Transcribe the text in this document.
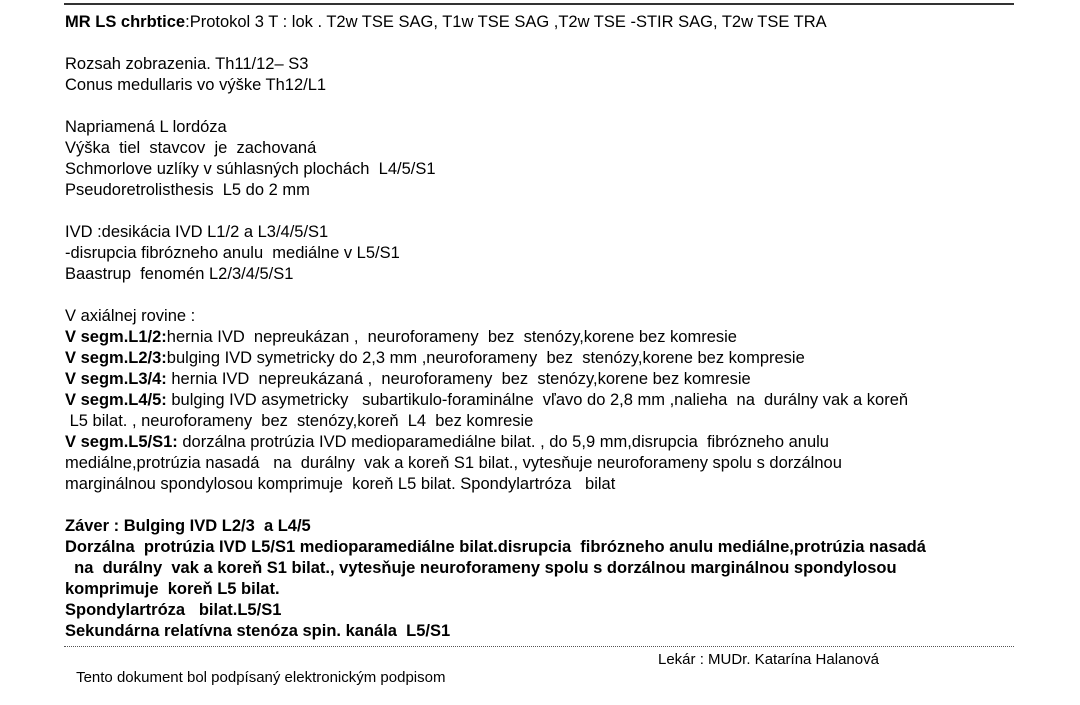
MR LS chrbtice:Protokol 3 T : lok . T2w TSE SAG, T1w TSE SAG ,T2w TSE -STIR SAG, T2w TSE TRA

Rozsah zobrazenia. Th11/12– S3

Conus medullaris vo výške Th12/L1

Napriamená L lordóza

Výška  tiel  stavcov  je  zachovaná

Schmorlove uzlíky v súhlasných plochách  L4/5/S1

Pseudoretrolisthesis  L5 do 2 mm

IVD :desikácia IVD L1/2 a L3/4/5/S1

-disrupcia fibrózneho anulu  mediálne v L5/S1

Baastrup  fenomén L2/3/4/5/S1

V axiálnej rovine :

V segm.L1/2:hernia IVD  nepreukázan ,  neuroforameny  bez  stenózy,korene bez komresie

V segm.L2/3:bulging IVD symetricky do 2,3 mm ,neuroforameny  bez  stenózy,korene bez kompresie

V segm.L3/4: hernia IVD  nepreukázaná ,  neuroforameny  bez  stenózy,korene bez komresie

V segm.L4/5: bulging IVD asymetricky   subartikulo-foraminálne  vľavo do 2,8 mm ,nalieha  na  durálny vak a koreň

L5 bilat. , neuroforameny  bez  stenózy,koreň  L4  bez komresie

V segm.L5/S1: dorzálna protrúzia IVD medioparamediálne bilat. , do 5,9 mm,disrupcia  fibrózneho anulu

mediálne,protrúzia nasadá   na  durálny  vak a koreň S1 bilat., vytesňuje neuroforameny spolu s dorzálnou

marginálnou spondylosou komprimuje  koreň L5 bilat. Spondylartróza   bilat

Záver : Bulging IVD L2/3  a L4/5

Dorzálna  protrúzia IVD L5/S1 medioparamediálne bilat.disrupcia  fibrózneho anulu mediálne,protrúzia nasadá

na  durálny  vak a koreň S1 bilat., vytesňuje neuroforameny spolu s dorzálnou marginálnou spondylosou

komprimuje  koreň L5 bilat.

Spondylartróza   bilat.L5/S1

Sekundárna relatívna stenóza spin. kanála  L5/S1

Tento dokument bol podpísaný elektronickým podpisom

Lekár : MUDr. Katarína Halanová
